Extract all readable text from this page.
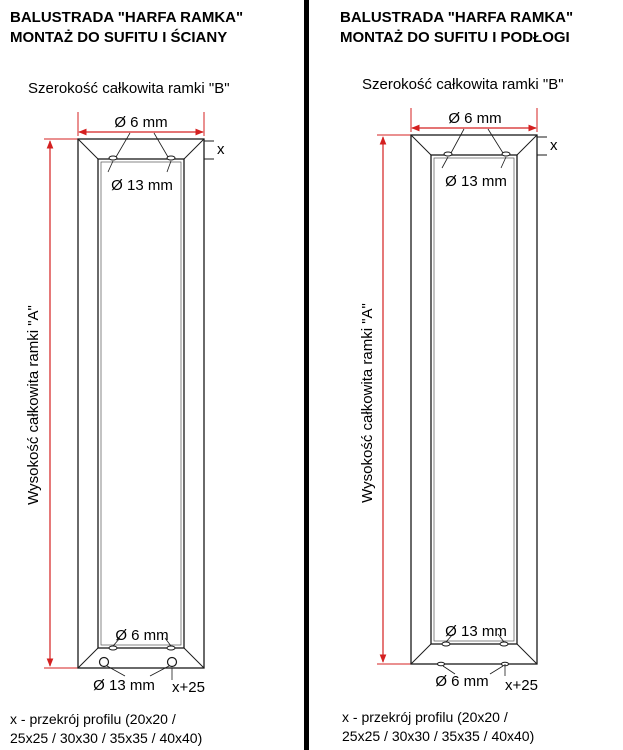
BALUSTRADA "HARFA RAMKA"
MONTAŻ DO SUFITU I ŚCIANY
Szerokość całkowita ramki "B"
Wysokość całkowita ramki "A"
x
Ø 6 mm
Ø 13 mm
Ø 6 mm
Ø 13 mm x+25
x - przekrój profilu (20x20 /
25x25 / 30x30 / 35x35 / 40x40)
BALUSTRADA "HARFA RAMKA"
MONTAŻ DO SUFITU I PODŁOGI
Szerokość całkowita ramki "B"
Wysokość całkowita ramki "A"
x
Ø 6 mm
Ø 13 mm
Ø 13 mm
Ø 6 mm x+25
x - przekrój profilu (20x20 /
25x25 / 30x30 / 35x35 / 40x40)
